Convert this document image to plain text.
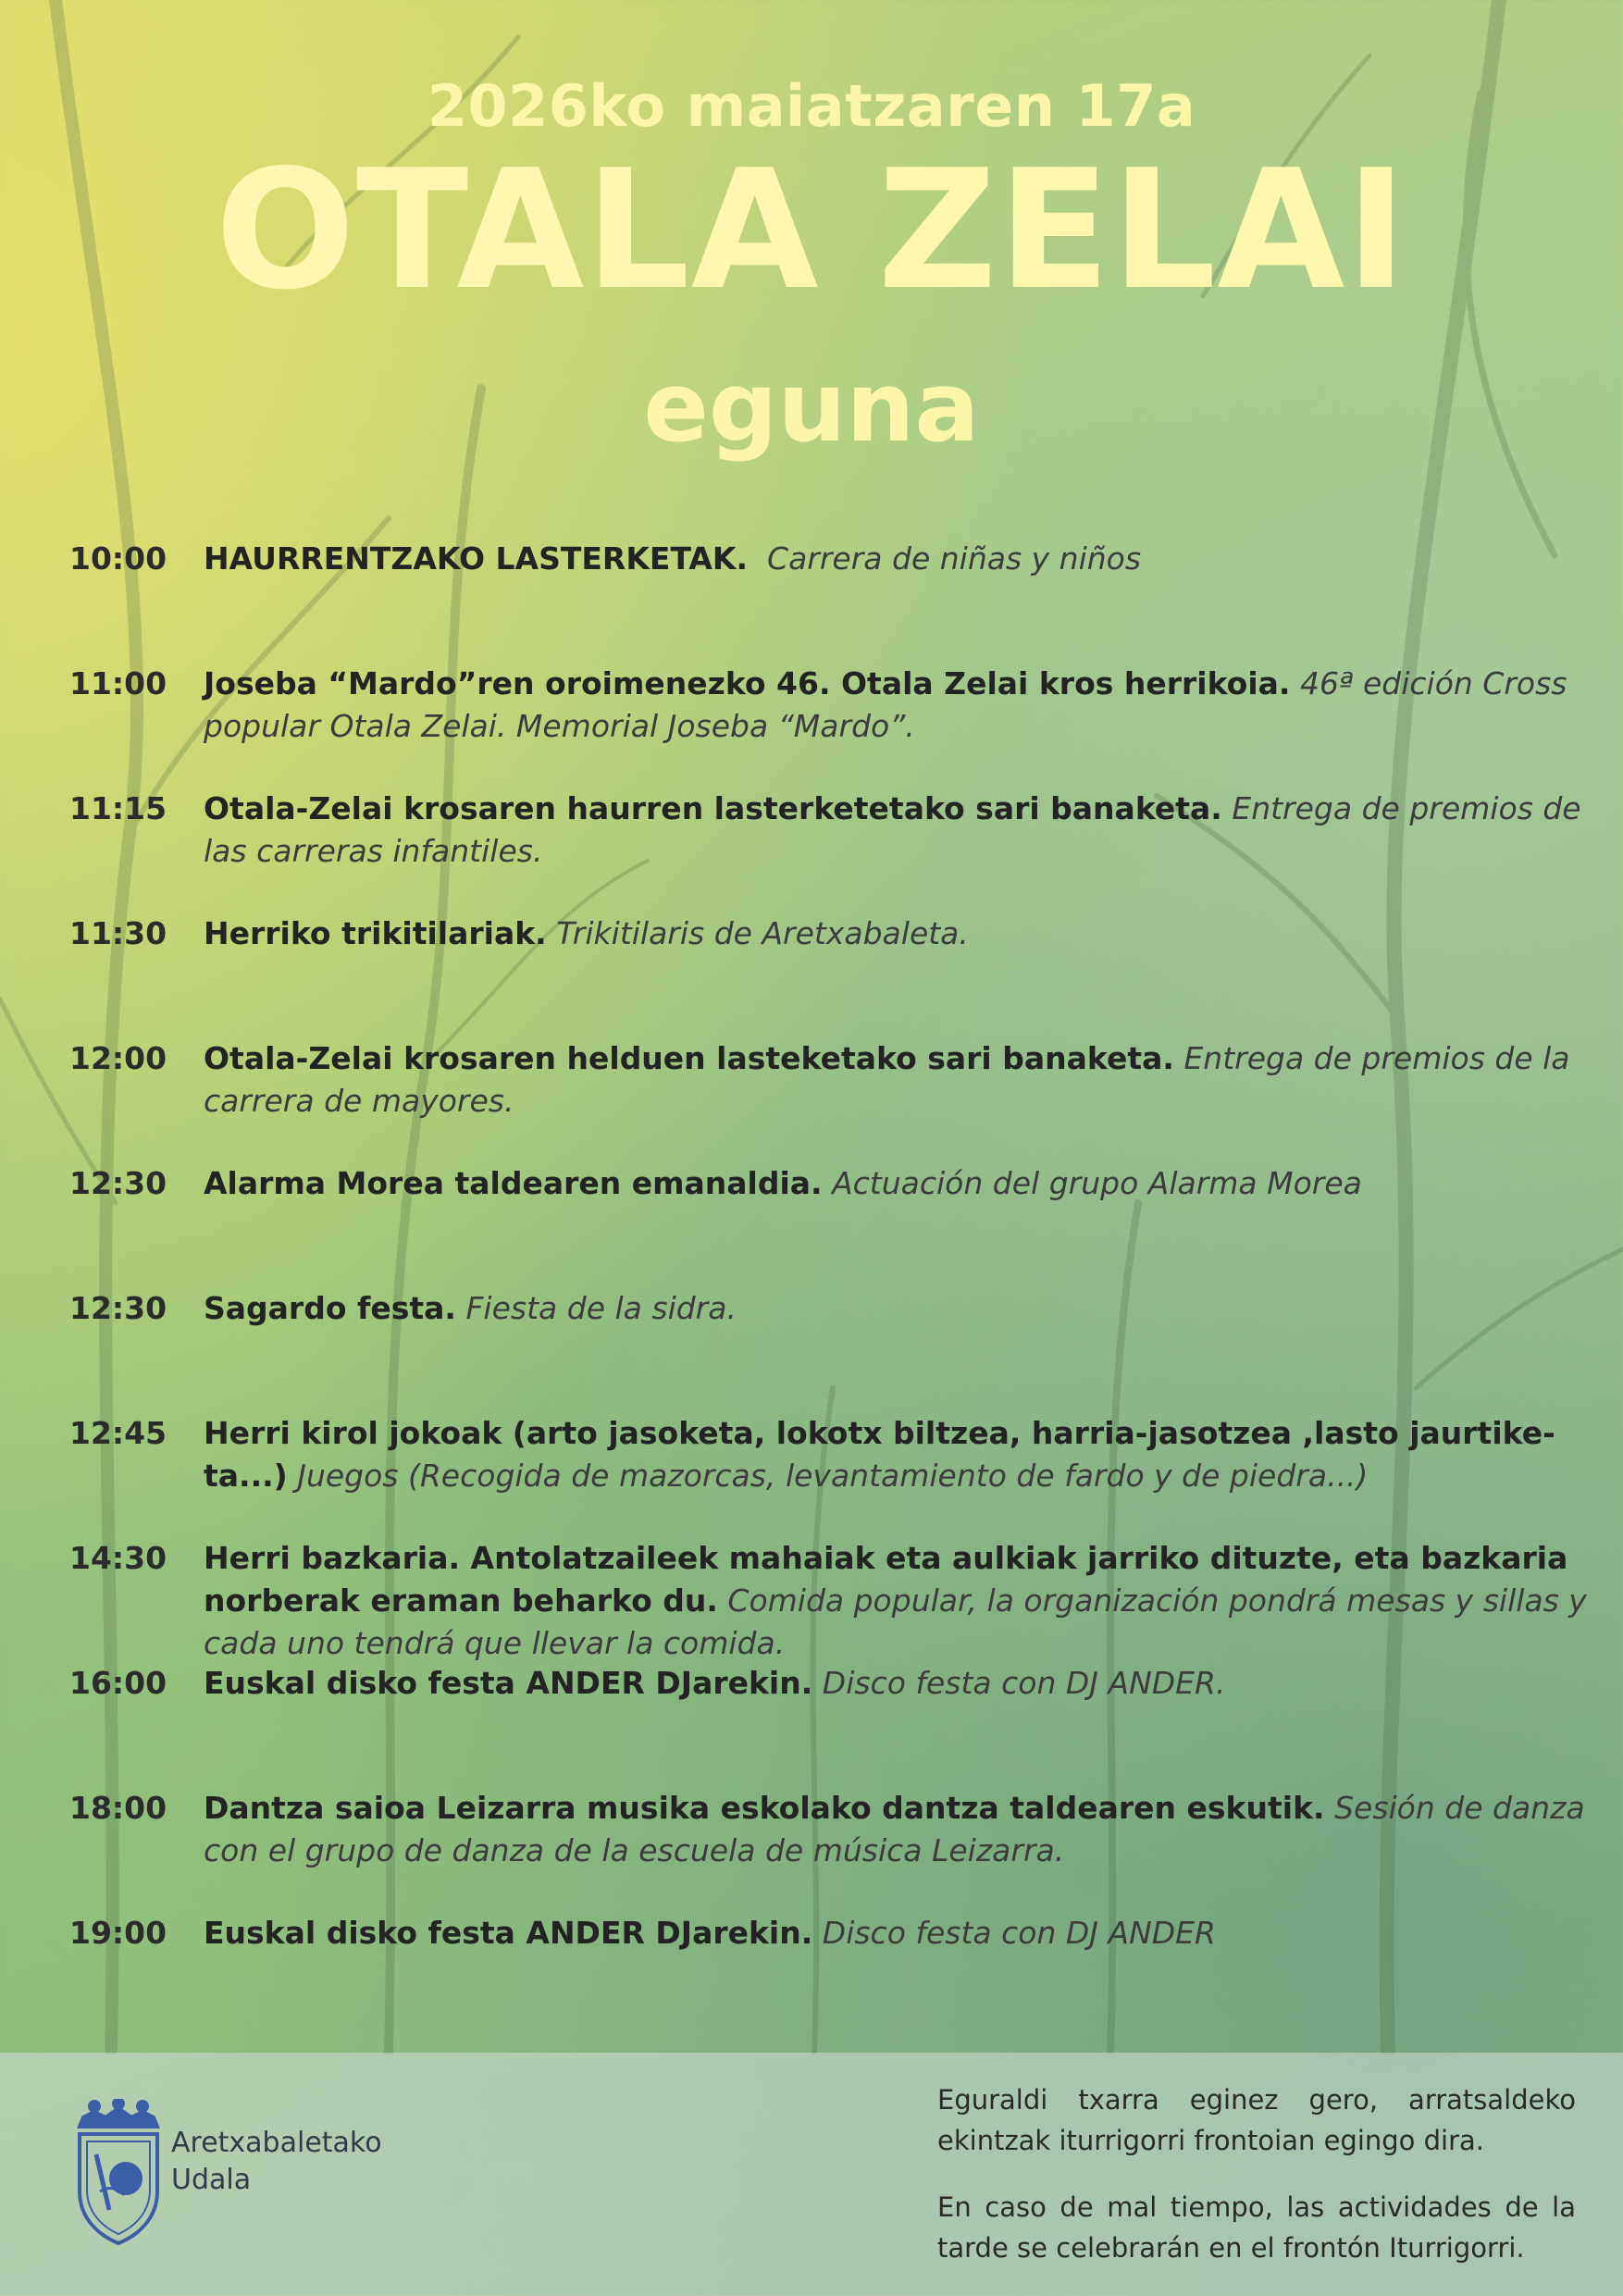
2026ko maiatzaren 17a
OTALA ZELAI
eguna
10:00	HAURRENTZAKO LASTERKETAK. Carrera de niñas y niños
11:00	Joseba “Mardo”ren oroimenezko 46. Otala Zelai kros herrikoia. 46ª edición Cross popular Otala Zelai. Memorial Joseba “Mardo”.
11:15	Otala-Zelai krosaren haurren lasterketetako sari banaketa. Entrega de premios de las carreras infantiles.
11:30	Herriko trikitilariak. Trikitilaris de Aretxabaleta.
12:00	Otala-Zelai krosaren helduen lasteketako sari banaketa. Entrega de premios de la carrera de mayores.
12:30	Alarma Morea taldearen emanaldia. Actuación del grupo Alarma Morea
12:30	Sagardo festa. Fiesta de la sidra.
12:45	Herri kirol jokoak (arto jasoketa, lokotx biltzea, harria-jasotzea ,lasto jaurtike-ta...) Juegos (Recogida de mazorcas, levantamiento de fardo y de piedra...)
14:30	Herri bazkaria. Antolatzaileek mahaiak eta aulkiak jarriko dituzte, eta bazkaria norberak eraman beharko du. Comida popular, la organización pondrá mesas y sillas y cada uno tendrá que llevar la comida.
16:00	Euskal disko festa ANDER DJarekin. Disco festa con DJ ANDER.
18:00	Dantza saioa Leizarra musika eskolako dantza taldearen eskutik. Sesión de danza con el grupo de danza de la escuela de música Leizarra.
19:00	Euskal disko festa ANDER DJarekin. Disco festa con DJ ANDER
Aretxabaletako
Udala
Eguraldi txarra eginez gero, arratsaldeko ekintzak iturrigorri frontoian egingo dira.
En caso de mal tiempo, las actividades de la tarde se celebrarán en el frontón Iturrigorri.
